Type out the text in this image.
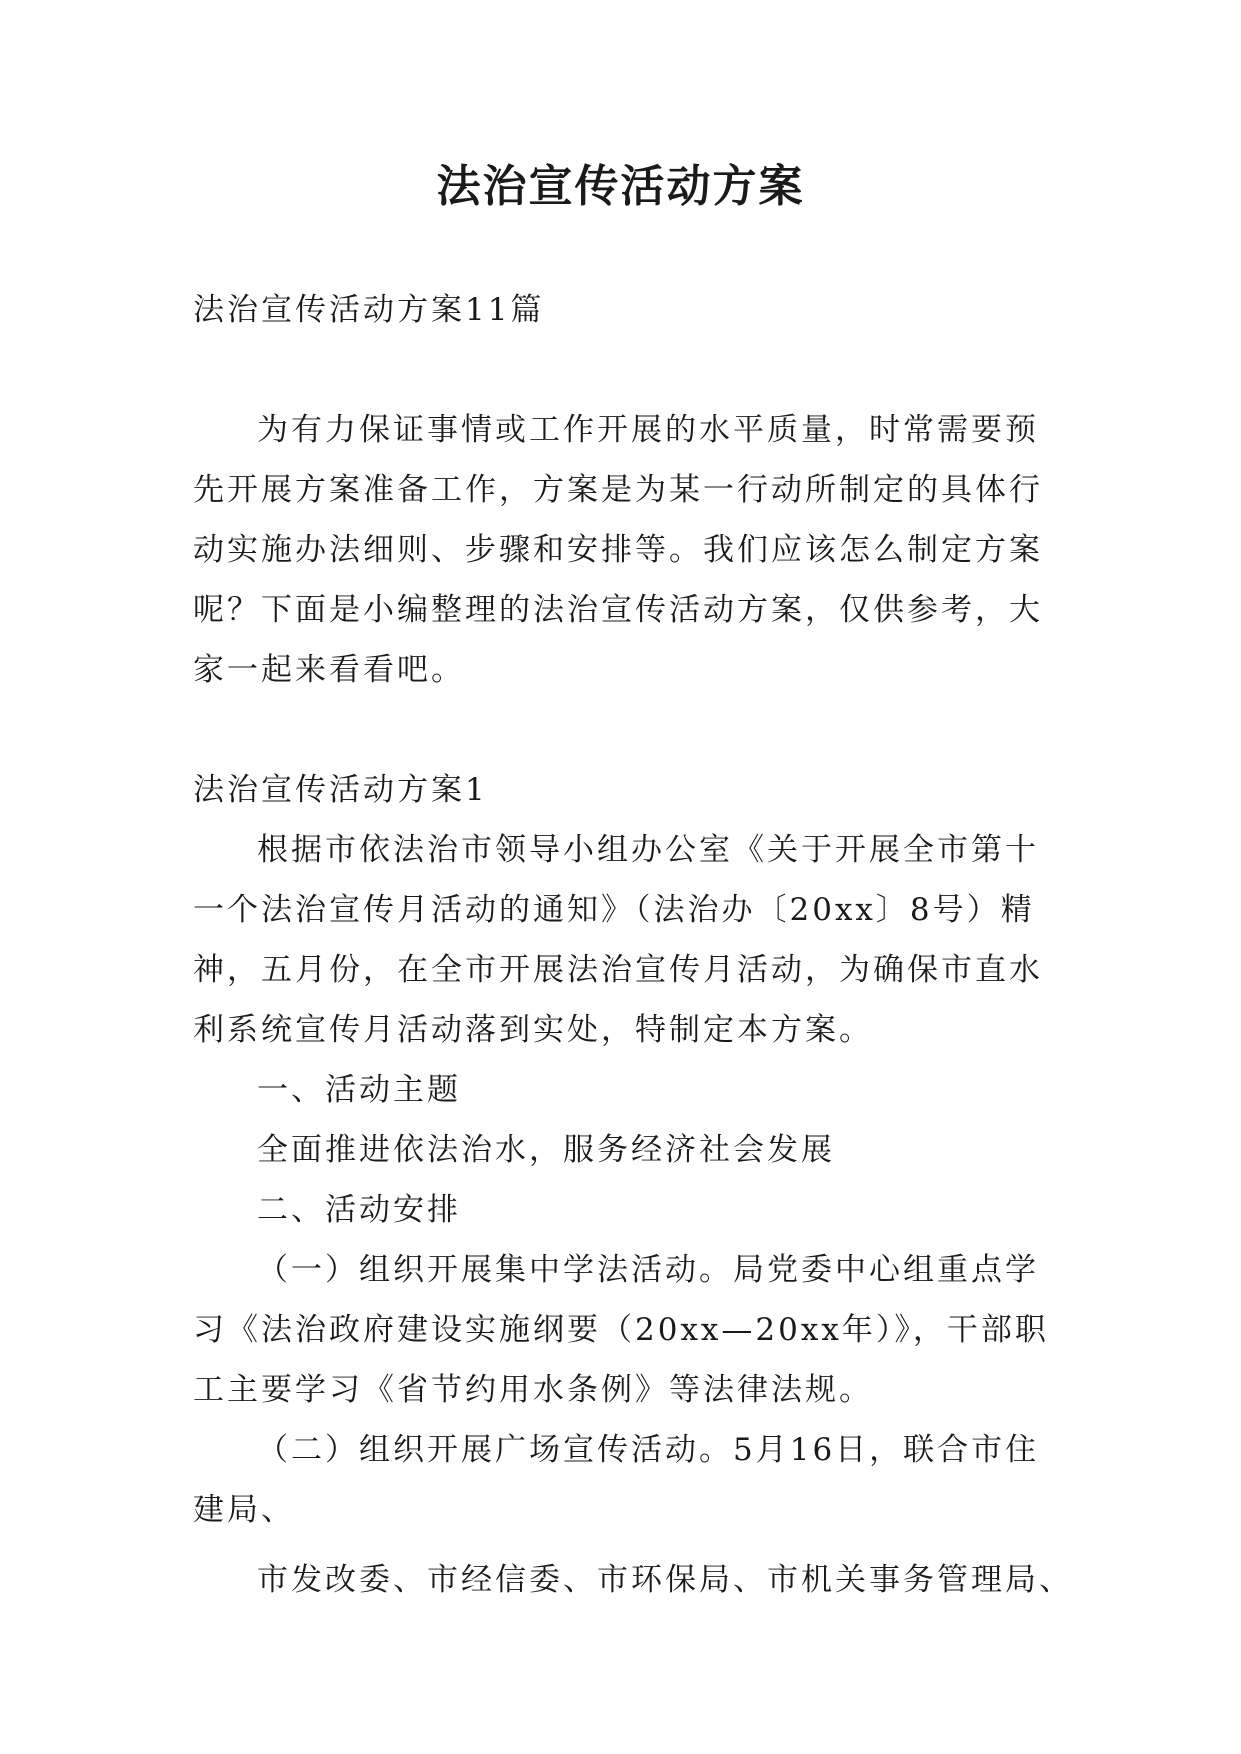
法治宣传活动方案

法治宣传活动方案11篇

为有力保证事情或工作开展的水平质量，时常需要预先开展方案准备工作，方案是为某一行动所制定的具体行动实施办法细则、步骤和安排等。我们应该怎么制定方案呢？下面是小编整理的法治宣传活动方案，仅供参考，大家一起来看看吧。

法治宣传活动方案1

根据市依法治市领导小组办公室《关于开展全市第十一个法治宣传月活动的通知》（法治办〔20xx〕8号）精神，五月份，在全市开展法治宣传月活动，为确保市直水利系统宣传月活动落到实处，特制定本方案。

一、活动主题

全面推进依法治水，服务经济社会发展

二、活动安排

（一）组织开展集中学法活动。局党委中心组重点学习《法治政府建设实施纲要（20xx—20xx年）》，干部职工主要学习《省节约用水条例》等法律法规。

（二）组织开展广场宣传活动。5月16日，联合市住建局、

市发改委、市经信委、市环保局、市机关事务管理局、
